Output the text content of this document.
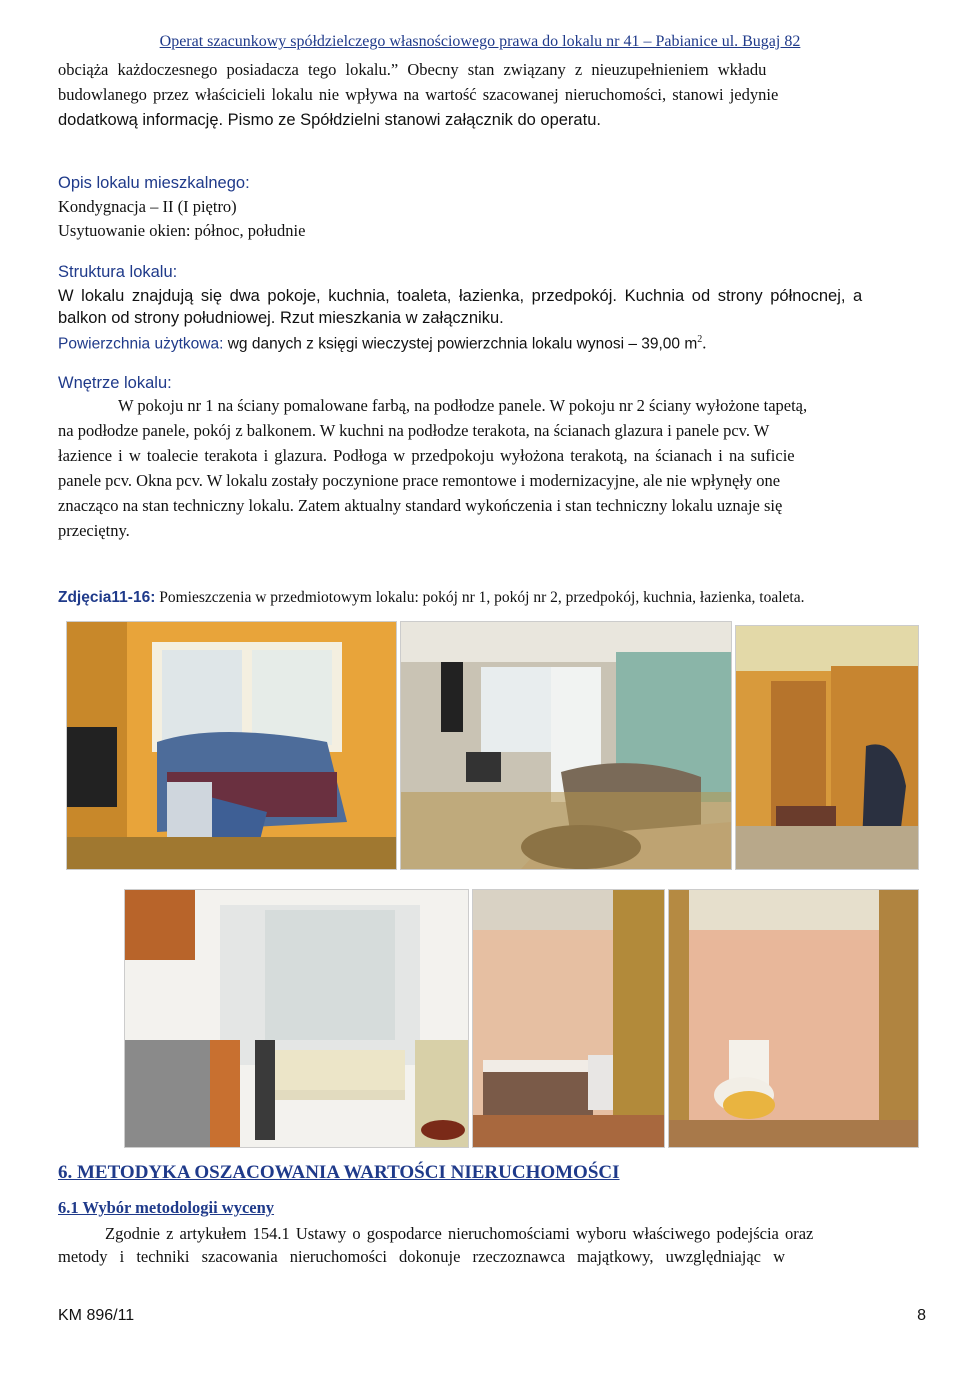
Operat szacunkowy spółdzielczego własnościowego prawa do lokalu nr 41 – Pabianice ul. Bugaj 82
obciąża każdoczesnego posiadacza tego lokalu.” Obecny stan związany z nieuzupełnieniem wkładu
budowlanego przez właścicieli lokalu nie wpływa na wartość szacowanej nieruchomości, stanowi jedynie
dodatkową informację. Pismo ze Spółdzielni stanowi załącznik do operatu.
Opis lokalu mieszkalnego:
Kondygnacja – II (I piętro)
Usytuowanie okien: północ, południe
Struktura lokalu:
W lokalu znajdują się dwa pokoje, kuchnia, toaleta, łazienka, przedpokój. Kuchnia od strony północnej, a
balkon od strony południowej. Rzut mieszkania w załączniku.
Powierzchnia użytkowa: wg danych z księgi wieczystej powierzchnia lokalu wynosi – 39,00 $m^2$.
Wnętrze lokalu:
W pokoju nr 1 na ściany pomalowane farbą, na podłodze panele. W pokoju nr 2 ściany wyłożone tapetą,
na podłodze panele, pokój z balkonem. W kuchni na podłodze terakota, na ścianach glazura i panele pcv. W
łazience i w toalecie terakota i glazura. Podłoga w przedpokoju wyłożona terakotą, na ścianach i na suficie
panele pcv. Okna pcv. W lokalu zostały poczynione prace remontowe i modernizacyjne, ale nie wpłynęły one
znacząco na stan techniczny lokalu. Zatem aktualny standard wykończenia i stan techniczny lokalu uznaje się
przeciętny.
Zdjęcia11-16: Pomieszczenia w przedmiotowym lokalu: pokój nr 1, pokój nr 2, przedpokój, kuchnia, łazienka, toaleta.
6. METODYKA OSZACOWANIA WARTOŚCI NIERUCHOMOŚCI
6.1 Wybór metodologii wyceny
Zgodnie z artykułem 154.1 Ustawy o gospodarce nieruchomościami wyboru właściwego podejścia oraz
metody i techniki szacowania nieruchomości dokonuje rzeczoznawca majątkowy, uwzględniając w
KM 896/11	8
